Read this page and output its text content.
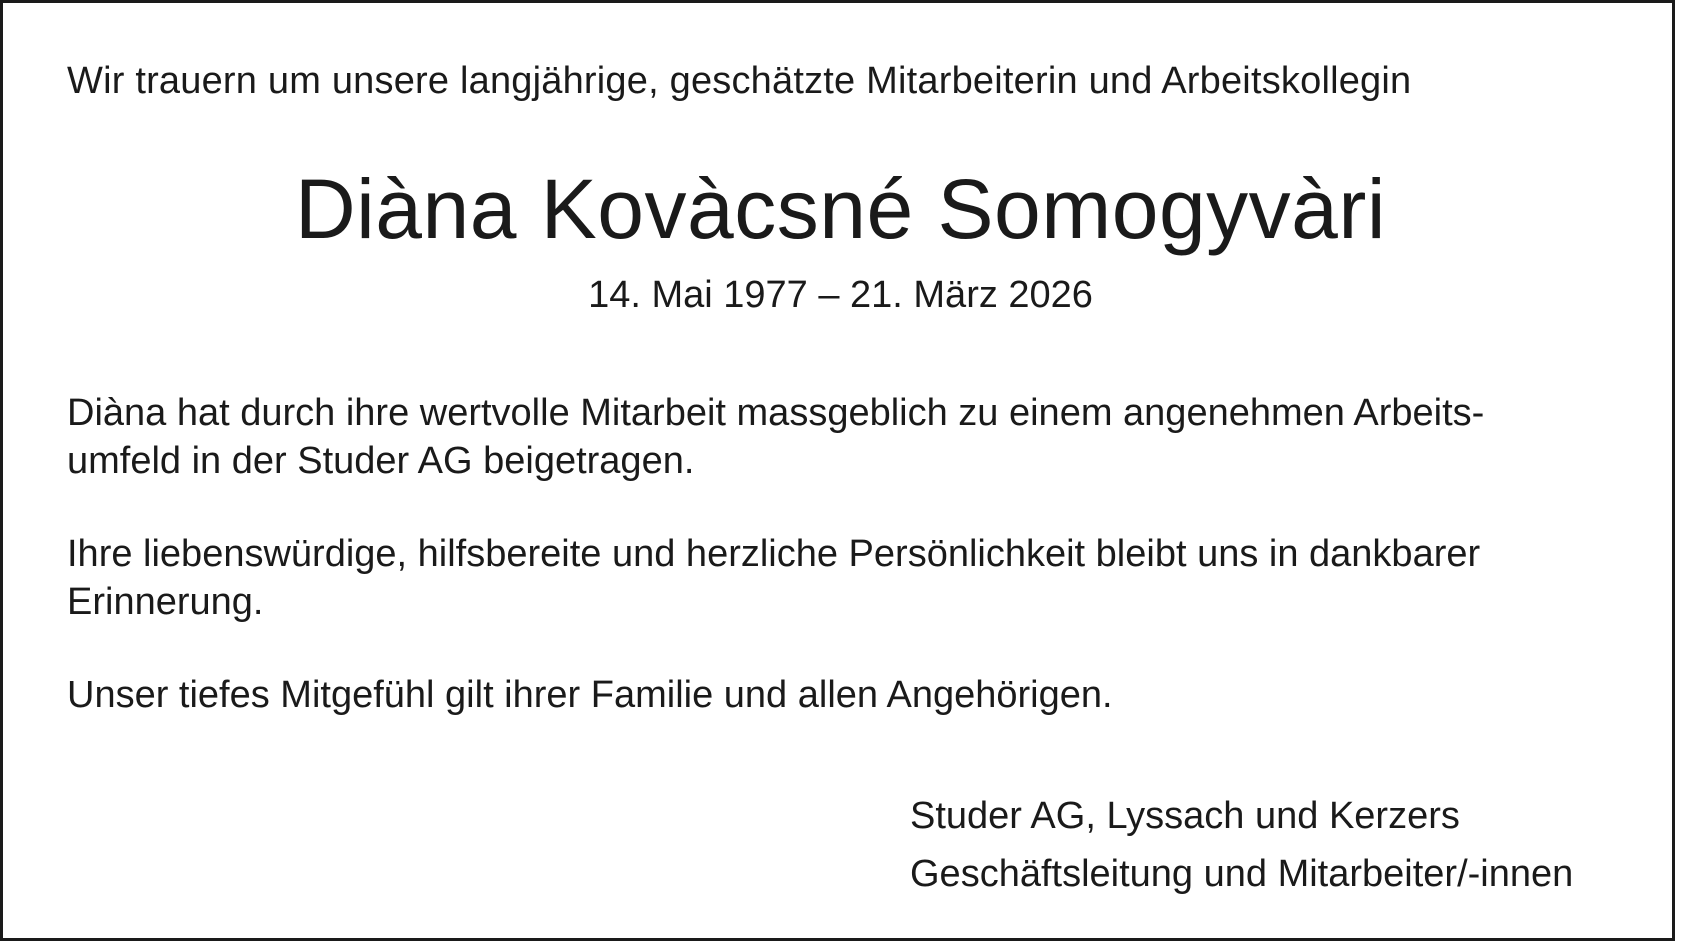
Wir trauern um unsere langjährige, geschätzte Mitarbeiterin und Arbeitskollegin
Diàna Kovàcsné Somogyvàri
14. Mai 1977 – 21. März 2026
Diàna hat durch ihre wertvolle Mitarbeit massgeblich zu einem angenehmen Arbeits-
umfeld in der Studer AG beigetragen.
Ihre liebenswürdige, hilfsbereite und herzliche Persönlichkeit bleibt uns in dankbarer
Erinnerung.
Unser tiefes Mitgefühl gilt ihrer Familie und allen Angehörigen.
Studer AG, Lyssach und Kerzers
Geschäftsleitung und Mitarbeiter/-innen
